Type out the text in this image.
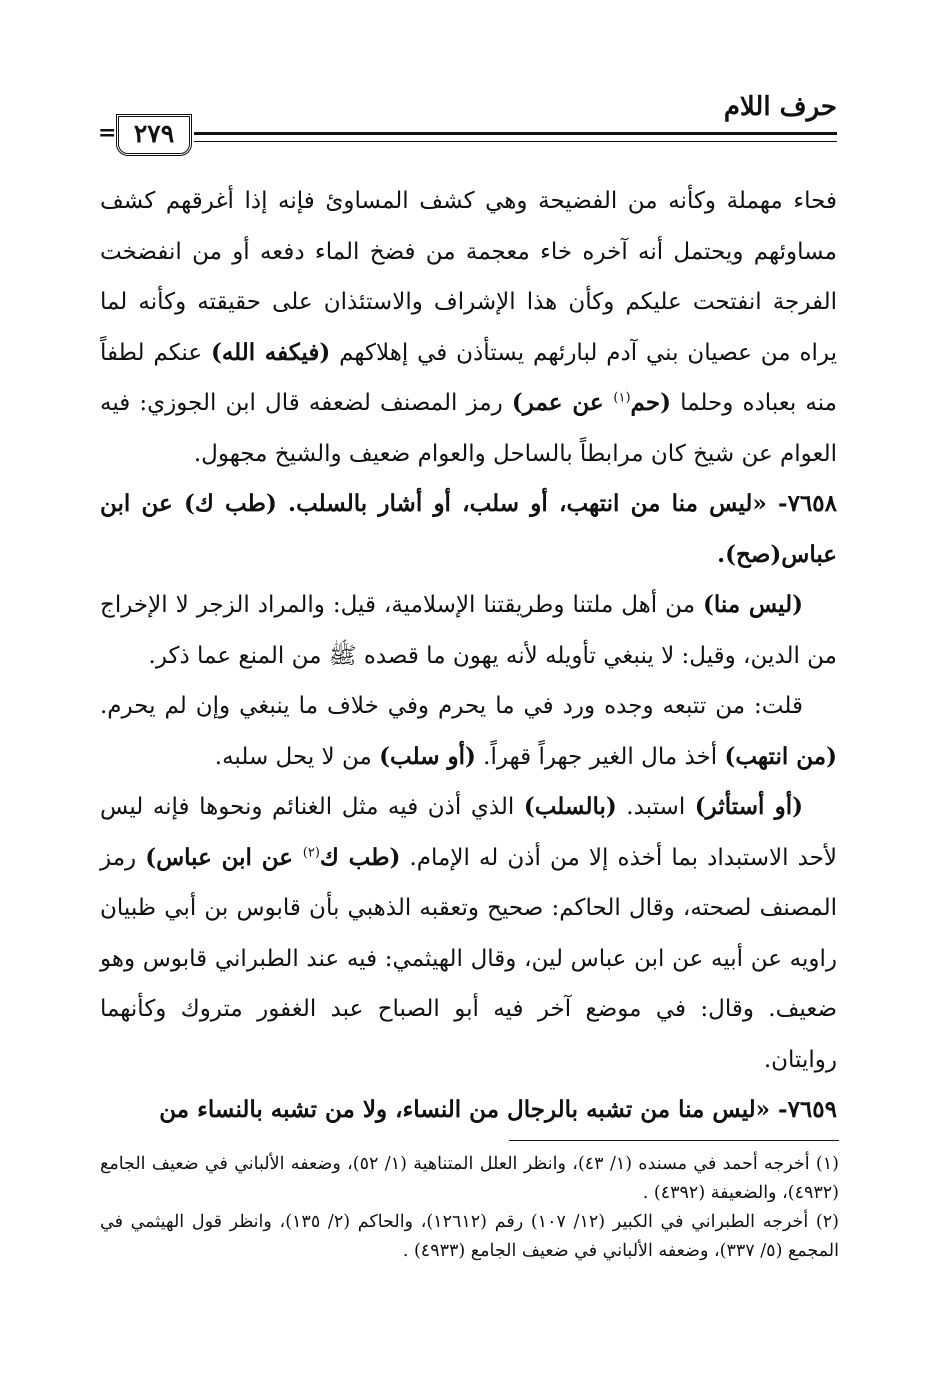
حرف اللام
= ٢٧٩

فحاء مهملة وكأنه من الفضيحة وهي كشف المساوئ فإنه إذا أغرقهم كشف مساوئهم ويحتمل أنه آخره خاء معجمة من فضخ الماء دفعه أو من انفضخت الفرجة انفتحت عليكم وكأن هذا الإشراف والاستئذان على حقيقته وكأنه لما يراه من عصيان بني آدم لبارئهم يستأذن في إهلاكهم (فيكفه الله) عنكم لطفاً منه بعباده وحلما (حم$^{(١)}$ عن عمر) رمز المصنف لضعفه قال ابن الجوزي: فيه العوام عن شيخ كان مرابطاً بالساحل والعوام ضعيف والشيخ مجهول.

٧٦٥٨- «ليس منا من انتهب، أو سلب، أو أشار بالسلب. (طب ك) عن ابن عباس(صح).

(ليس منا) من أهل ملتنا وطريقتنا الإسلامية، قيل: والمراد الزجر لا الإخراج من الدين، وقيل: لا ينبغي تأويله لأنه يهون ما قصده ﷺ من المنع عما ذكر.

قلت: من تتبعه وجده ورد في ما يحرم وفي خلاف ما ينبغي وإن لم يحرم. (من انتهب) أخذ مال الغير جهراً قهراً. (أو سلب) من لا يحل سلبه.

(أو أستأثر) استبد. (بالسلب) الذي أذن فيه مثل الغنائم ونحوها فإنه ليس لأحد الاستبداد بما أخذه إلا من أذن له الإمام. (طب ك$^{(٢)}$ عن ابن عباس) رمز المصنف لصحته، وقال الحاكم: صحيح وتعقبه الذهبي بأن قابوس بن أبي ظبيان راويه عن أبيه عن ابن عباس لين، وقال الهيثمي: فيه عند الطبراني قابوس وهو ضعيف. وقال: في موضع آخر فيه أبو الصباح عبد الغفور متروك وكأنهما روايتان.

٧٦٥٩- «ليس منا من تشبه بالرجال من النساء، ولا من تشبه بالنساء من

(١) أخرجه أحمد في مسنده (١/ ٤٣)، وانظر العلل المتناهية (١/ ٥٢)، وضعفه الألباني في ضعيف الجامع (٤٩٣٢)، والضعيفة (٤٣٩٢) .

(٢) أخرجه الطبراني في الكبير (١٢/ ١٠٧) رقم (١٢٦١٢)، والحاكم (٢/ ١٣٥)، وانظر قول الهيثمي في المجمع (٥/ ٣٣٧)، وضعفه الألباني في ضعيف الجامع (٤٩٣٣) .
